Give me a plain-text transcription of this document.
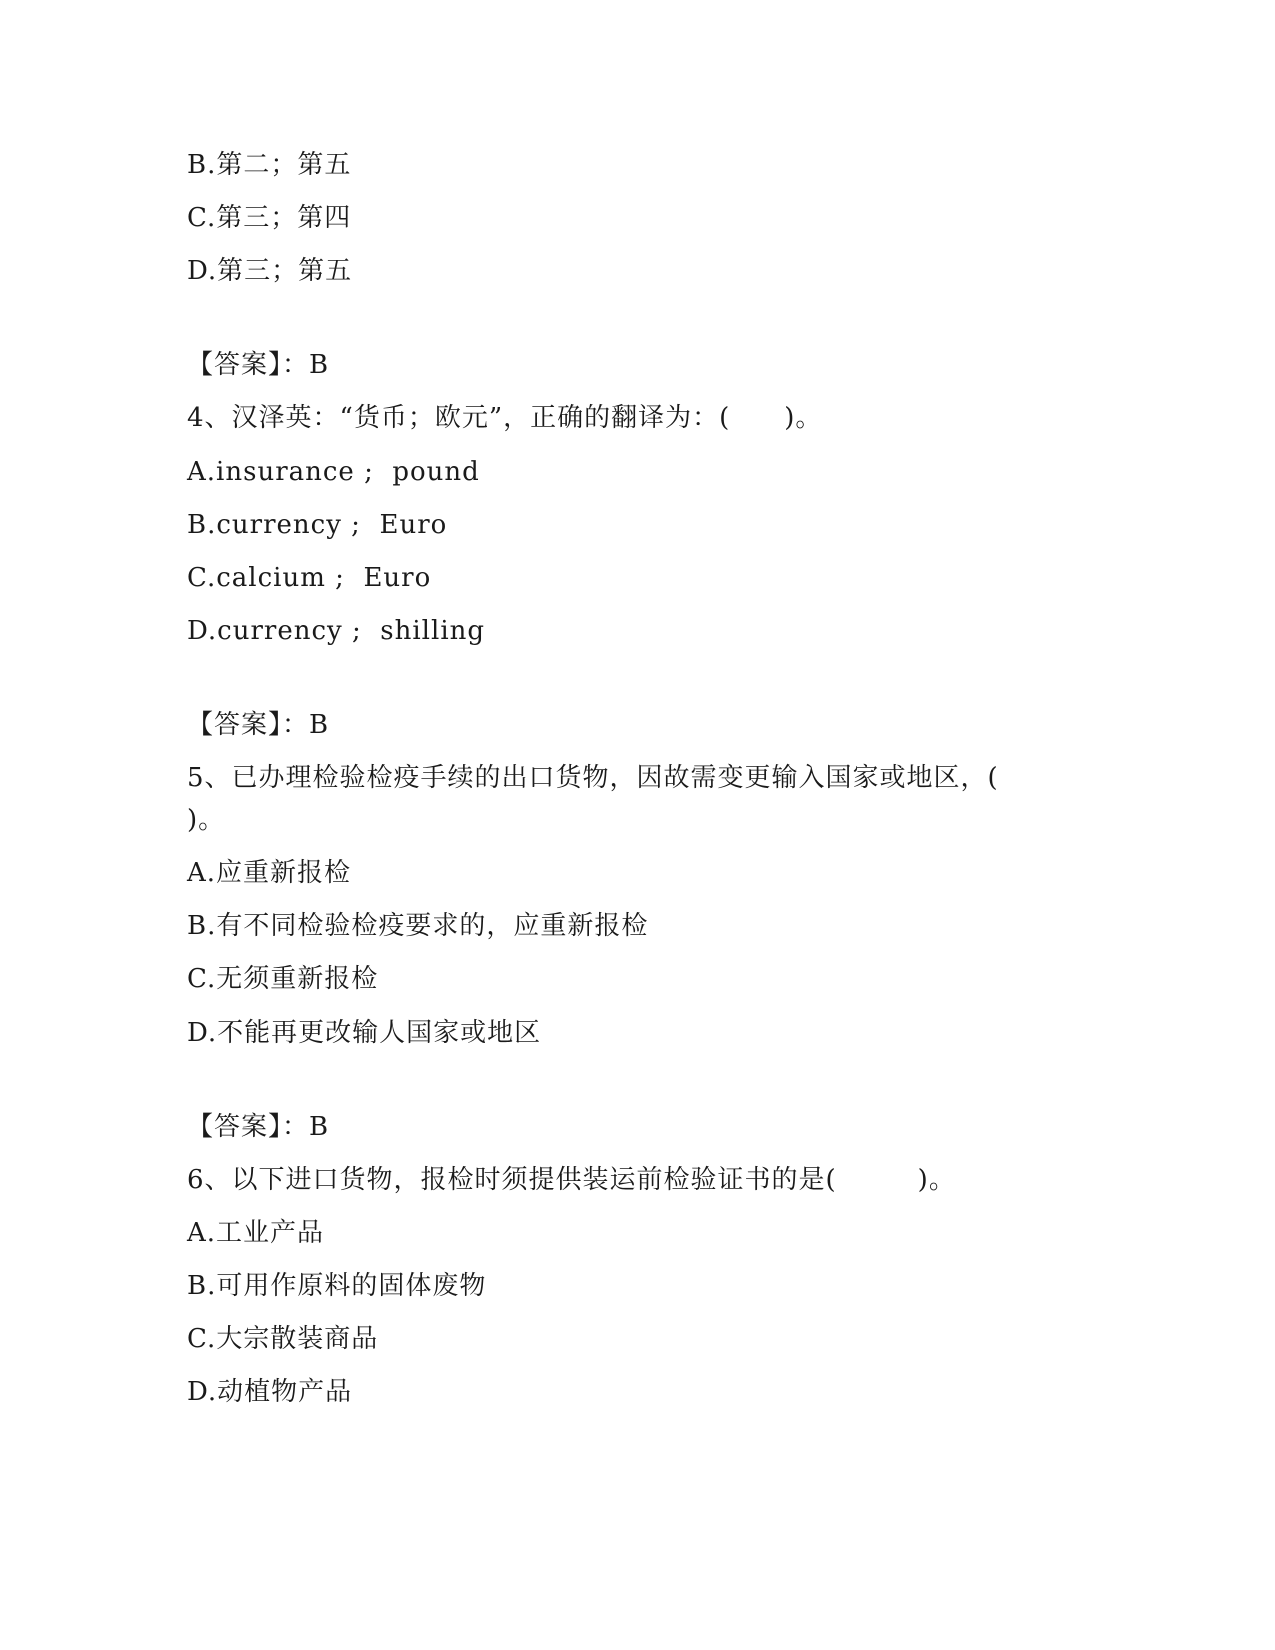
B.第二；第五
C.第三；第四
D.第三；第五
【答案】：B
4、汉泽英：“货币；欧元”，正确的翻译为：(　　)。
A.insurance ;  pound
B.currency ;  Euro
C.calcium ;  Euro
D.currency ;  shilling
【答案】：B
5、已办理检验检疫手续的出口货物，因故需变更输入国家或地区，(
)。
A.应重新报检
B.有不同检验检疫要求的，应重新报检
C.无须重新报检
D.不能再更改输人国家或地区
【答案】：B
6、以下进口货物，报检时须提供装运前检验证书的是(　　　)。
A.工业产品
B.可用作原料的固体废物
C.大宗散装商品
D.动植物产品
